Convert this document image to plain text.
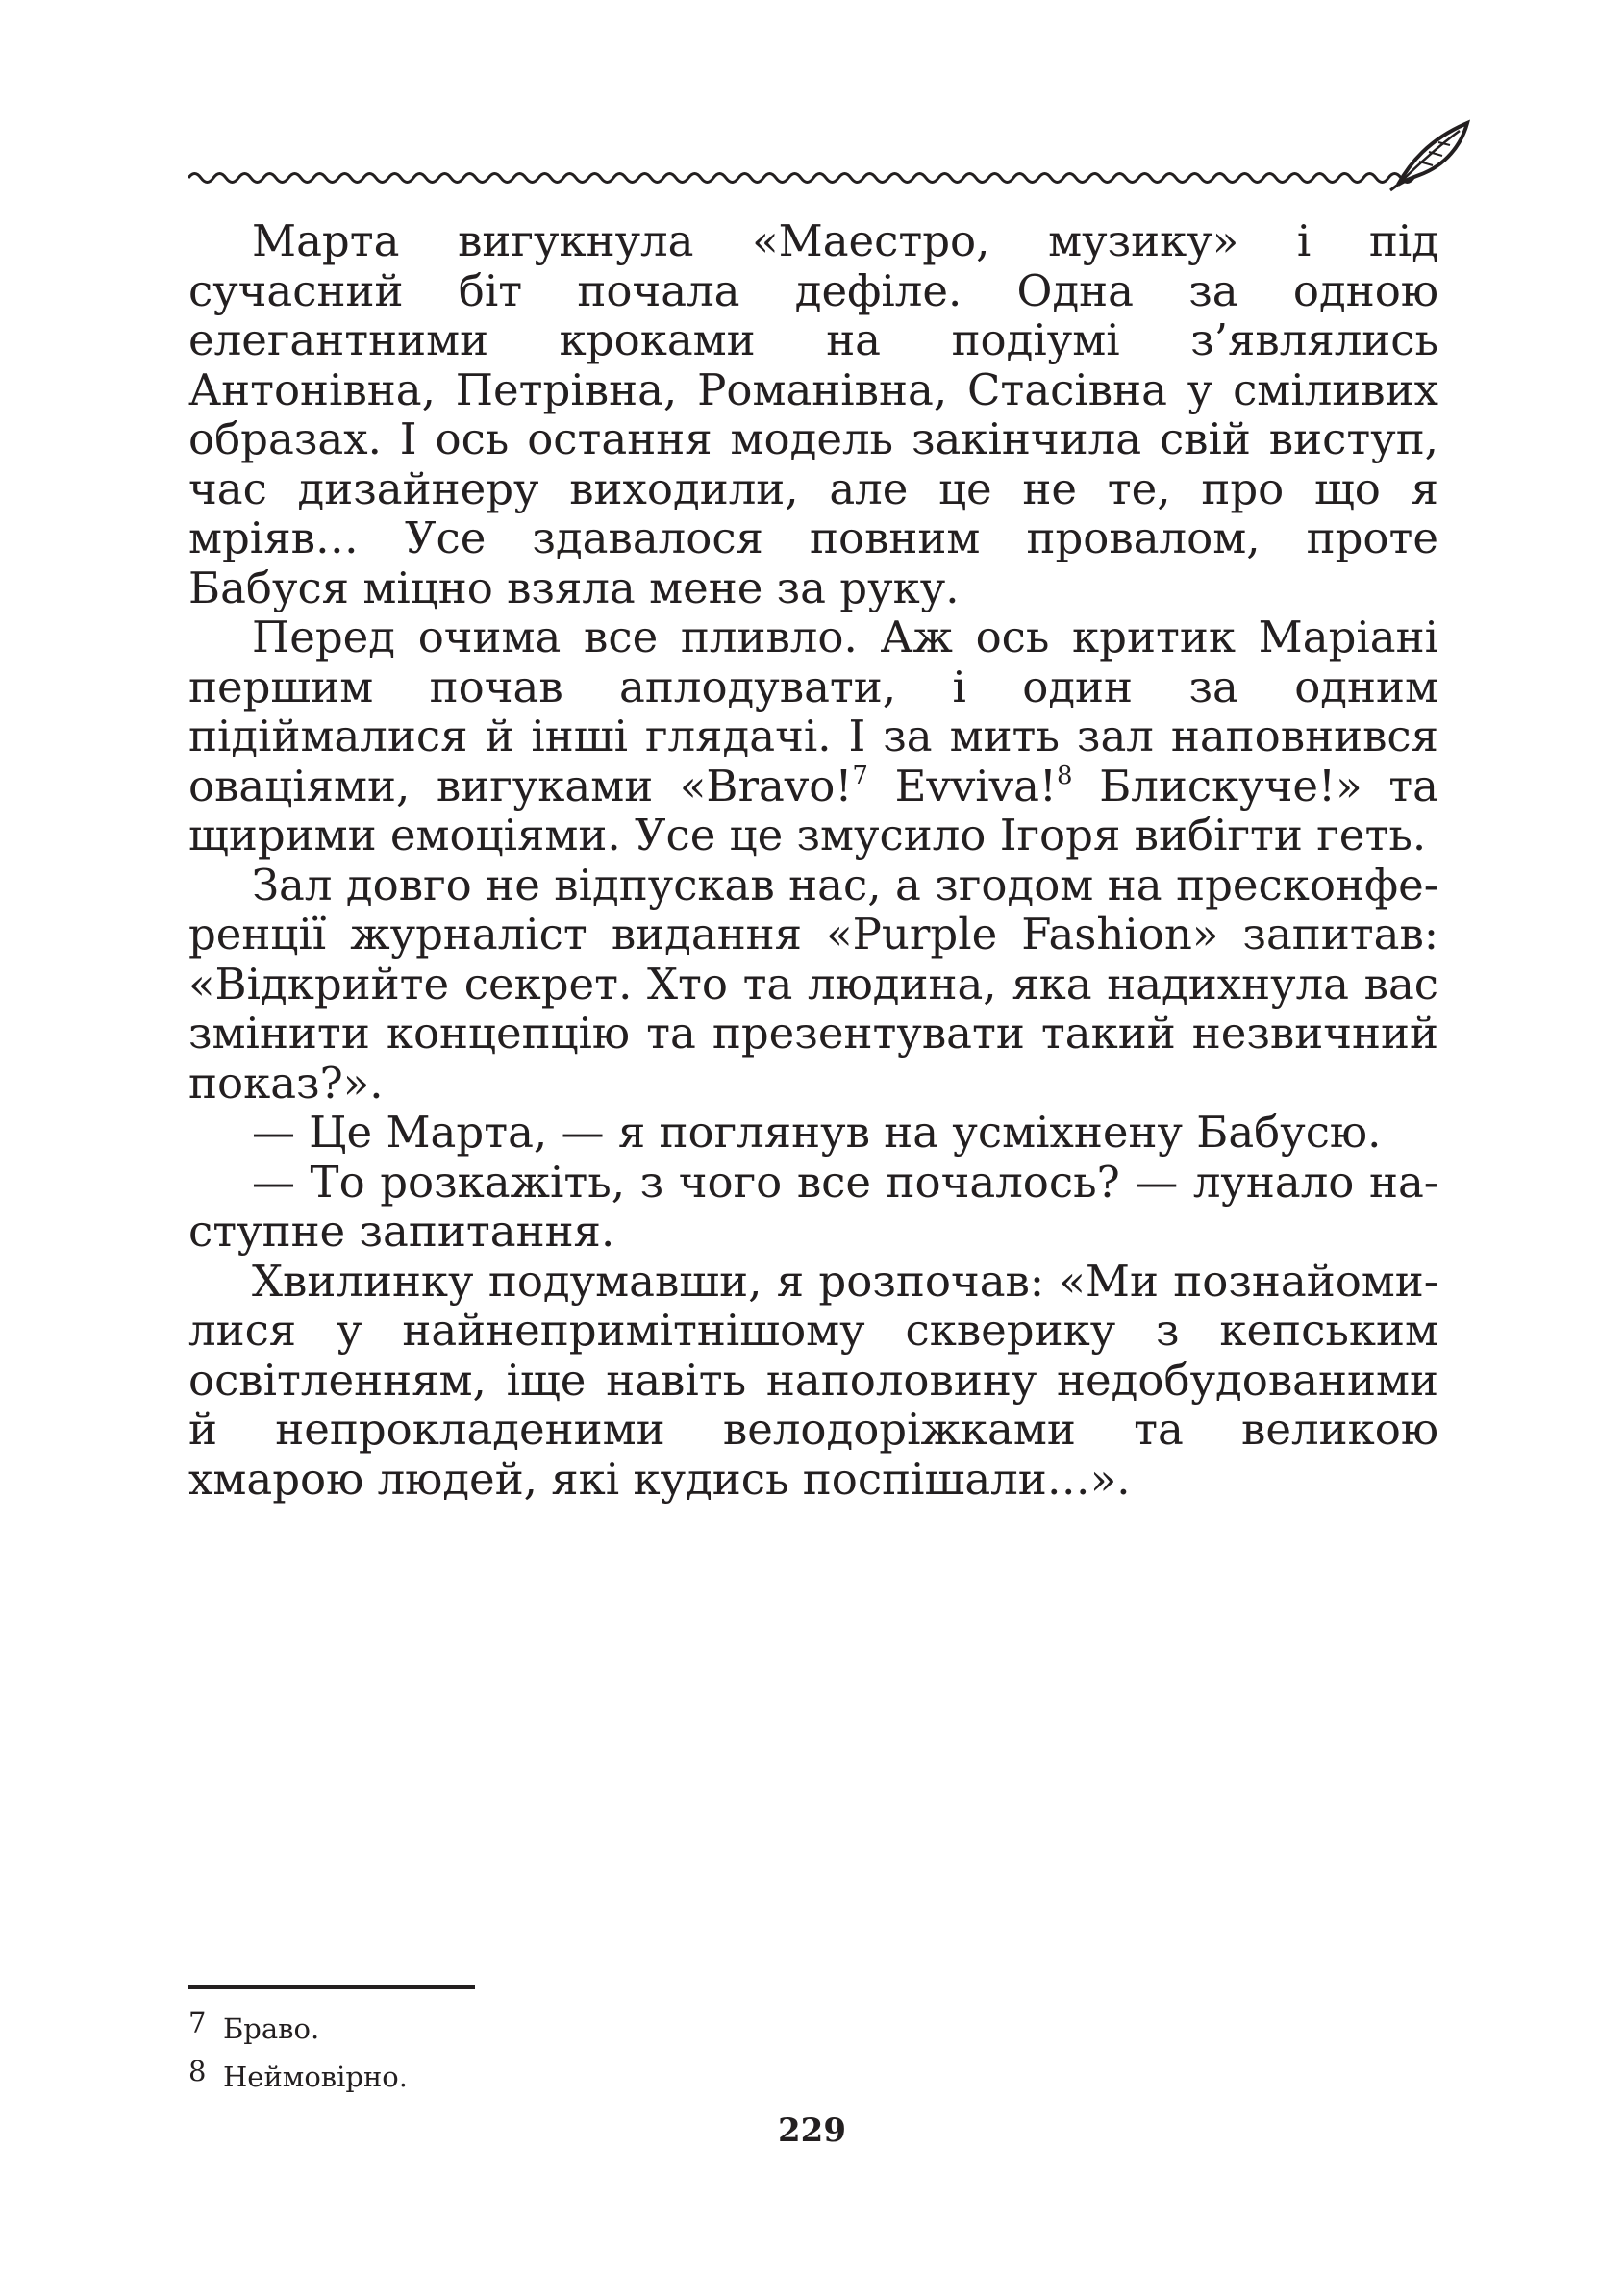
Марта вигукнула «Маестро, музику» і під сучасний біт почала дефіле. Одна за одною елегантними кроками на подіумі з’являлись Антонівна, Петрівна, Романівна, Стасівна у сміливих образах. І ось остання модель закінчила свій виступ, час дизайнеру виходили, але це не те, про що я мріяв… Усе здавалося повним провалом, проте Бабуся міцно взяла мене за руку.

Перед очима все пливло. Аж ось критик Маріані першим почав аплодувати, і один за одним підіймалися й інші глядачі. І за мить зал наповнився оваціями, вигуками «Bravo!$^7$ Evviva!$^8$ Блискуче!» та щирими емоціями. Усе це змусило Ігоря вибігти геть.

Зал довго не відпускав нас, а згодом на пресконференції журналіст видання «Purple Fashion» запитав: «Відкрийте секрет. Хто та людина, яка надихнула вас змінити концепцію та презентувати такий незвичний показ?».

— Це Марта, — я поглянув на усміхнену Бабусю.

— То розкажіть, з чого все почалось? — лунало наступне запитання.

Хвилинку подумавши, я розпочав: «Ми познайомилися у найнепримітнішому скверику з кепським освітленням, іще навіть наполовину недобудованими й непрокладеними велодоріжками та великою хмарою людей, які кудись поспішали…».

7 Браво.

8 Неймовірно.

229
